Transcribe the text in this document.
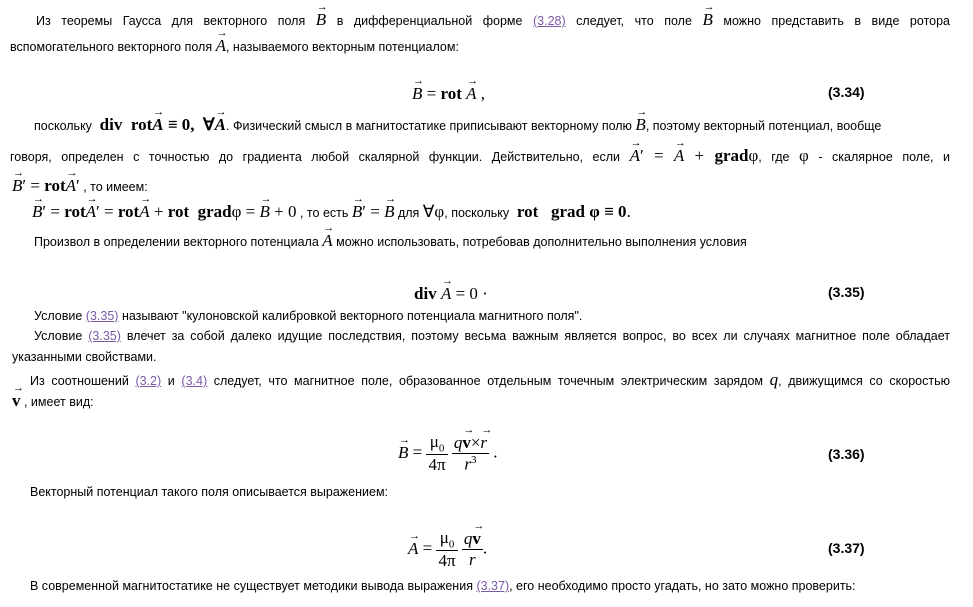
Из теоремы Гаусса для векторного поля → B в дифференциальной форме (3.28) следует, что поле → B можно представить в виде ротора
вспомогательного векторного поля → A, называемого векторным потенциалом:
→ B = rot → A ,	(3.34)
поскольку  div  rot→ A ≡ 0,  ∀→ A. Физический смысл в магнитостатике приписывают векторному полю → B, поэтому векторный потенциал, вообще
говоря, определен с точностью до градиента любой скалярной функции. Действительно, если → A′ = → A + gradφ, где φ - скалярное поле, и
→ B′ = rot→ A′ , то имеем:
→ B′ = rot→ A′ = rot→ A + rot  gradφ = → B + 0 , то есть → B′ = → B для ∀φ, поскольку  rot   grad φ ≡ 0.
Произвол в определении векторного потенциала → A можно использовать, потребовав дополнительно выполнения условия
div → A = 0 ·	(3.35)
Условие (3.35) называют "кулоновской калибровкой векторного потенциала магнитного поля".
Условие (3.35) влечет за собой далеко идущие последствия, поэтому весьма важным является вопрос, во всех ли случаях магнитное поле обладает
указанными свойствами.
Из соотношений (3.2) и (3.4) следует, что магнитное поле, образованное отдельным точечным электрическим зарядом q, движущимся со скоростью
→ v , имеет вид:
→ $B = \frac{\mu_0}{4\pi}$
$\frac{q\to v\times\to r}{r^3}$ .	(3.36)
Векторный потенциал такого поля описывается выражением:
→ $A = \frac{\mu_0}{4\pi}$
$\frac{q\to v}{r}$ .	(3.37)
В современной магнитостатике не существует методики вывода выражения (3.37), его необходимо просто угадать, но зато можно проверить:
